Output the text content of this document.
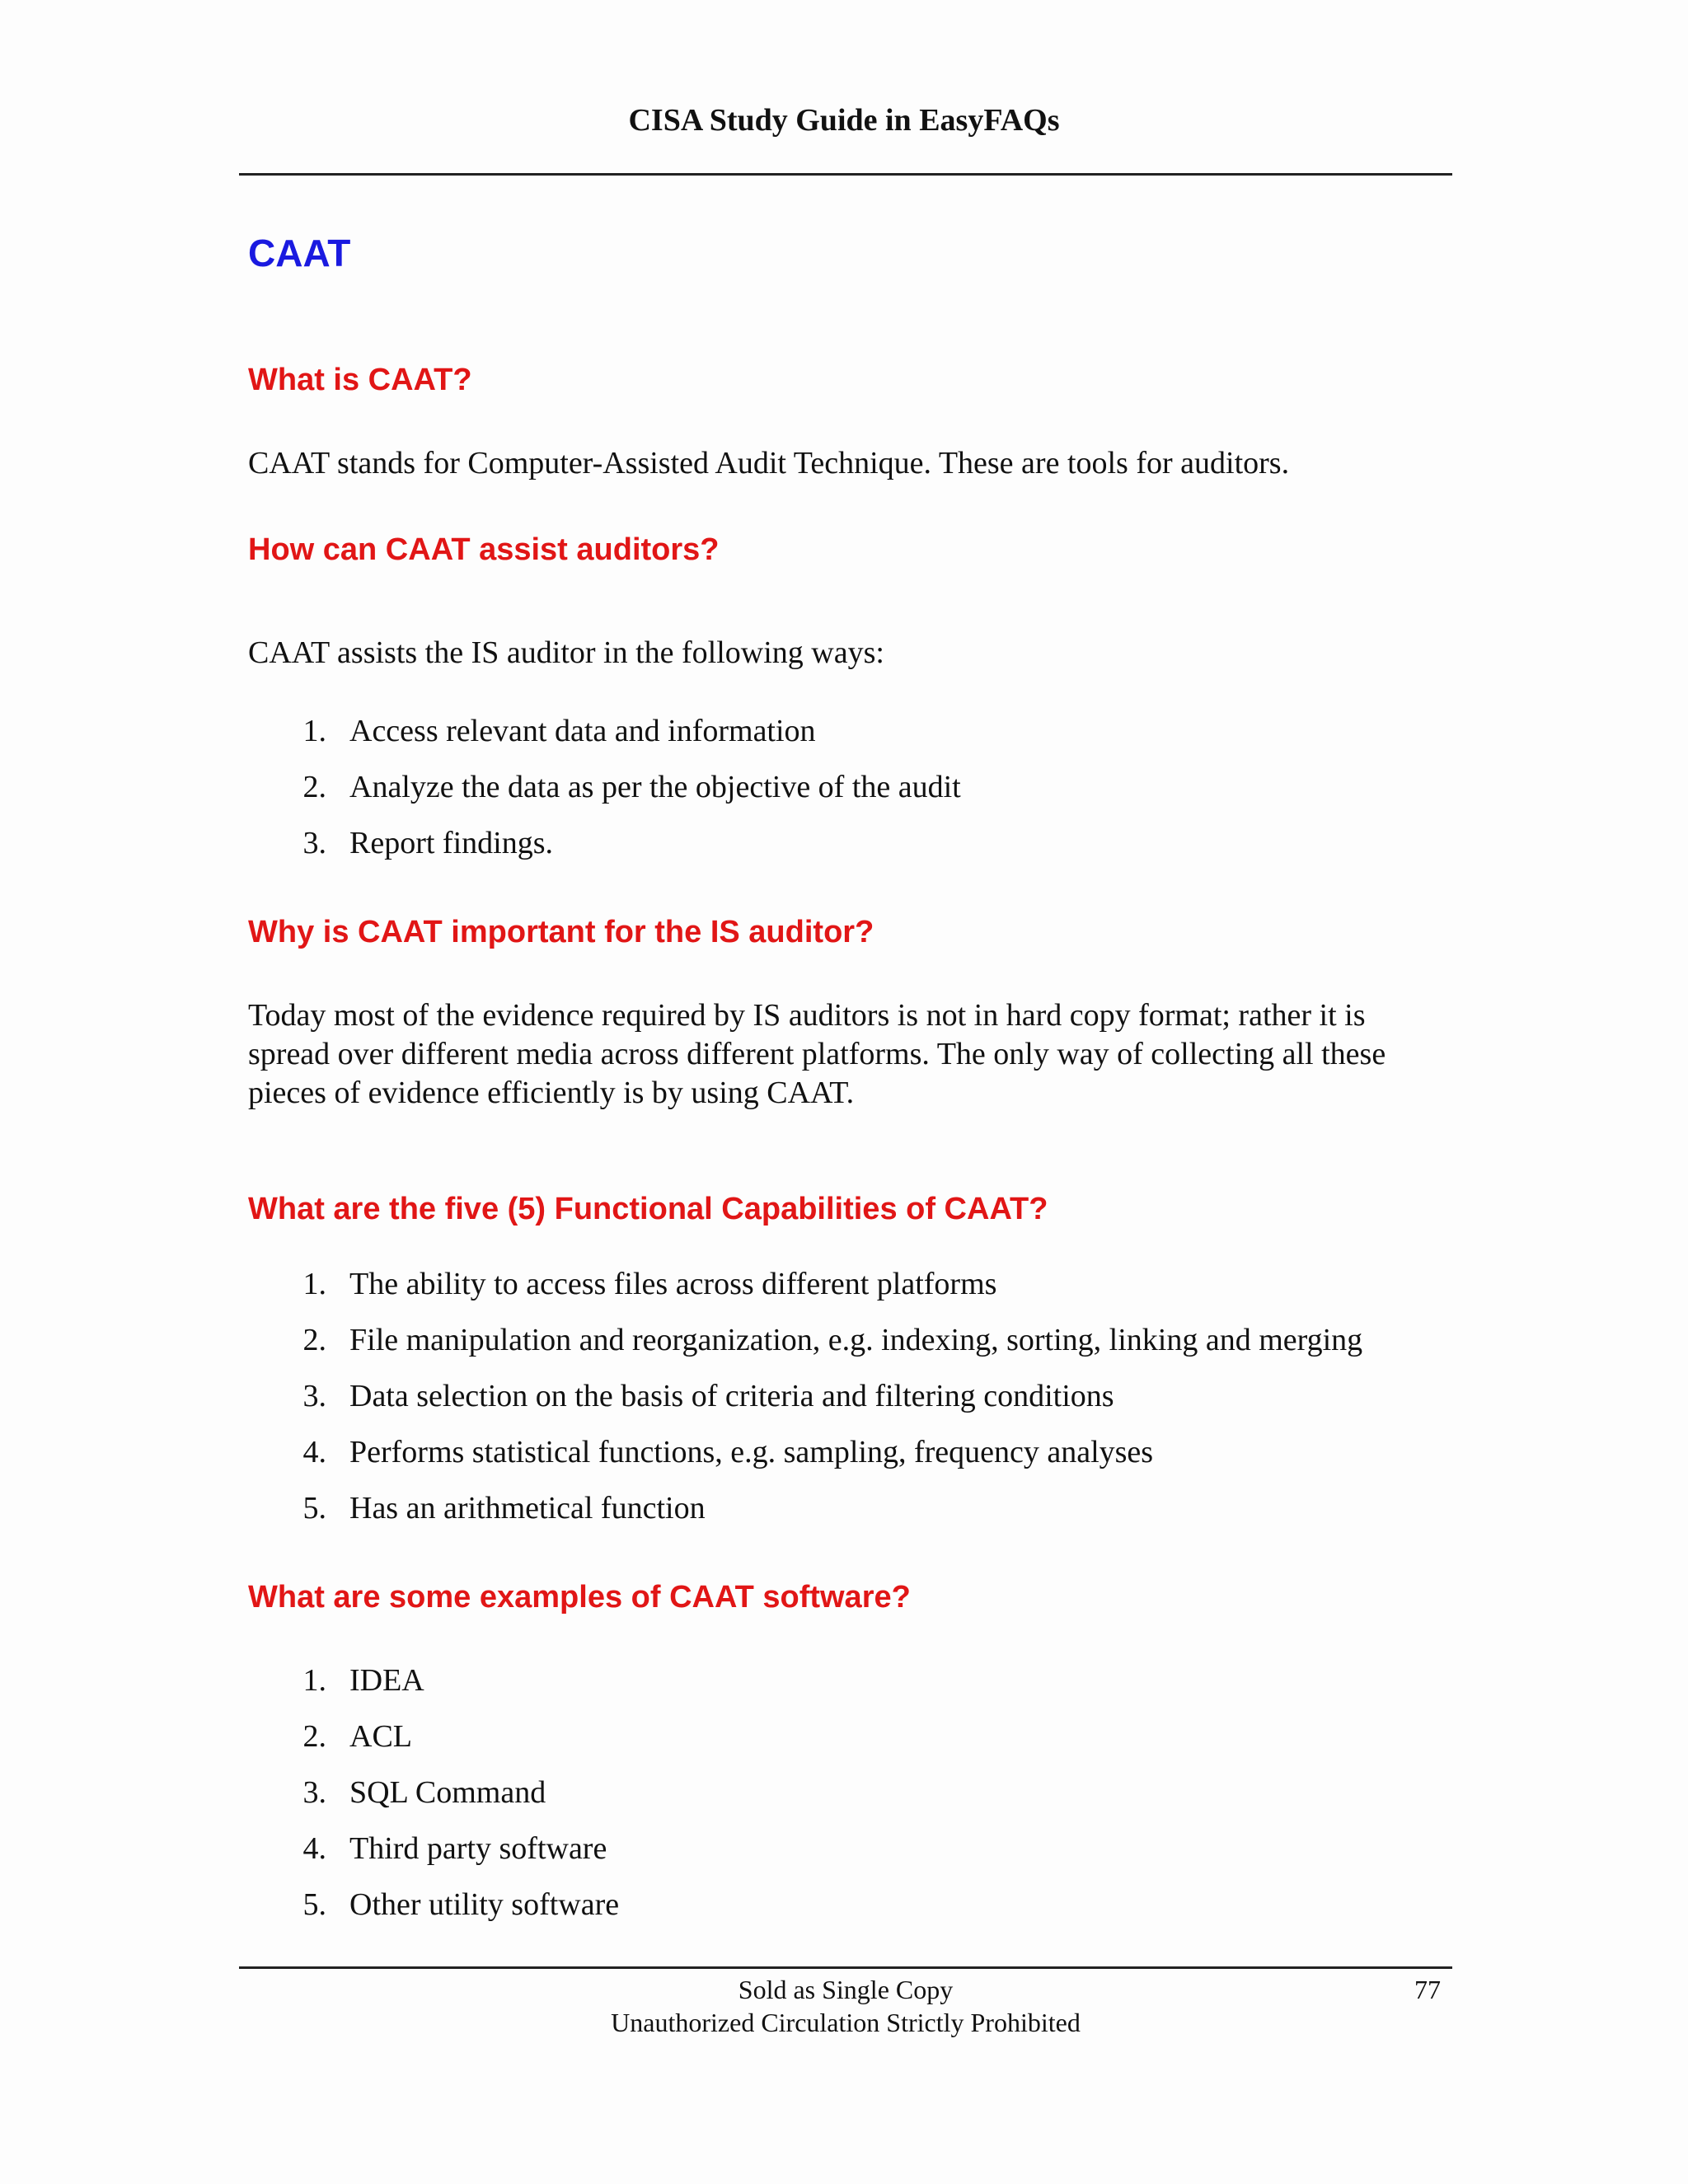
CISA Study Guide in EasyFAQs
CAAT
What is CAAT?

CAAT stands for Computer-Assisted Audit Technique. These are tools for auditors.

How can CAAT assist auditors?

CAAT assists the IS auditor in the following ways:

1. Access relevant data and information
2. Analyze the data as per the objective of the audit
3. Report findings.
Why is CAAT important for the IS auditor?

Today most of the evidence required by IS auditors is not in hard copy format; rather it is spread over different media across different platforms. The only way of collecting all these pieces of evidence efficiently is by using CAAT.

What are the five (5) Functional Capabilities of CAAT?
1. The ability to access files across different platforms
2. File manipulation and reorganization, e.g. indexing, sorting, linking and merging
3. Data selection on the basis of criteria and filtering conditions
4. Performs statistical functions, e.g. sampling, frequency analyses
5. Has an arithmetical function
What are some examples of CAAT software?
1. IDEA
2. ACL
3. SQL Command
4. Third party software
5. Other utility software
Sold as Single Copy
Unauthorized Circulation Strictly Prohibited
77
